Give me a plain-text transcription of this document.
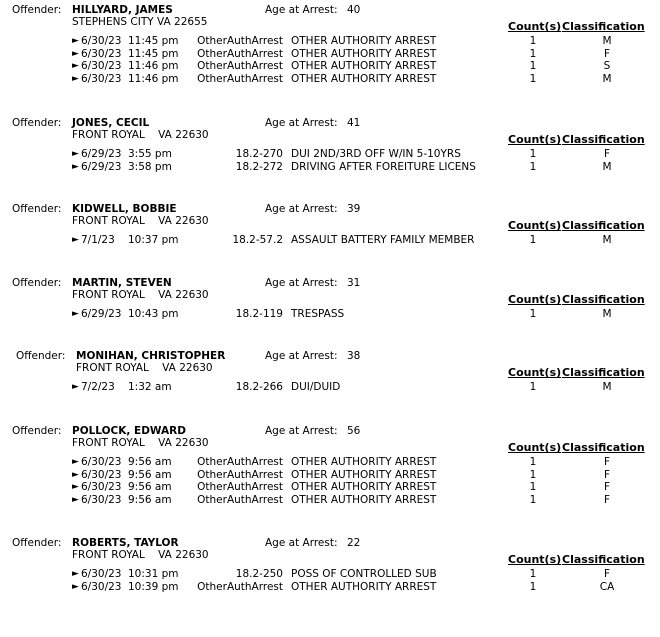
Offender: HILLYARD, JAMES	Age at Arrest: 40
STEPHENS CITY VA 22655	Count(s) Classification
► 6/30/23 11:45 pm OtherAuthArrest OTHER AUTHORITY ARREST	1	M
► 6/30/23 11:45 pm OtherAuthArrest OTHER AUTHORITY ARREST	1	F
► 6/30/23 11:46 pm OtherAuthArrest OTHER AUTHORITY ARREST	1	S
► 6/30/23 11:46 pm OtherAuthArrest OTHER AUTHORITY ARREST	1	M
Offender: JONES, CECIL	Age at Arrest: 41
FRONT ROYAL    VA 22630	Count(s) Classification
► 6/29/23 3:55 pm	18.2-270 DUI 2ND/3RD OFF W/IN 5-10YRS	1	F
► 6/29/23 3:58 pm	18.2-272 DRIVING AFTER FOREITURE LICENS	1	M
Offender: KIDWELL, BOBBIE	Age at Arrest: 39
FRONT ROYAL    VA 22630	Count(s) Classification
► 7/1/23 10:37 pm	18.2-57.2 ASSAULT BATTERY FAMILY MEMBER	1	M
Offender: MARTIN, STEVEN	Age at Arrest: 31
FRONT ROYAL    VA 22630	Count(s) Classification
► 6/29/23 10:43 pm	18.2-119 TRESPASS	1	M
Offender: MONIHAN, CHRISTOPHER	Age at Arrest: 38
FRONT ROYAL    VA 22630	Count(s) Classification
► 7/2/23 1:32 am	18.2-266 DUI/DUID	1	M
Offender: POLLOCK, EDWARD	Age at Arrest: 56
FRONT ROYAL    VA 22630	Count(s) Classification
► 6/30/23 9:56 am OtherAuthArrest OTHER AUTHORITY ARREST	1	F
► 6/30/23 9:56 am OtherAuthArrest OTHER AUTHORITY ARREST	1	F
► 6/30/23 9:56 am OtherAuthArrest OTHER AUTHORITY ARREST	1	F
► 6/30/23 9:56 am OtherAuthArrest OTHER AUTHORITY ARREST	1	F
Offender: ROBERTS, TAYLOR	Age at Arrest: 22
FRONT ROYAL    VA 22630	Count(s) Classification
► 6/30/23 10:31 pm	18.2-250 POSS OF CONTROLLED SUB	1	F
► 6/30/23 10:39 pm OtherAuthArrest OTHER AUTHORITY ARREST	1	CA
